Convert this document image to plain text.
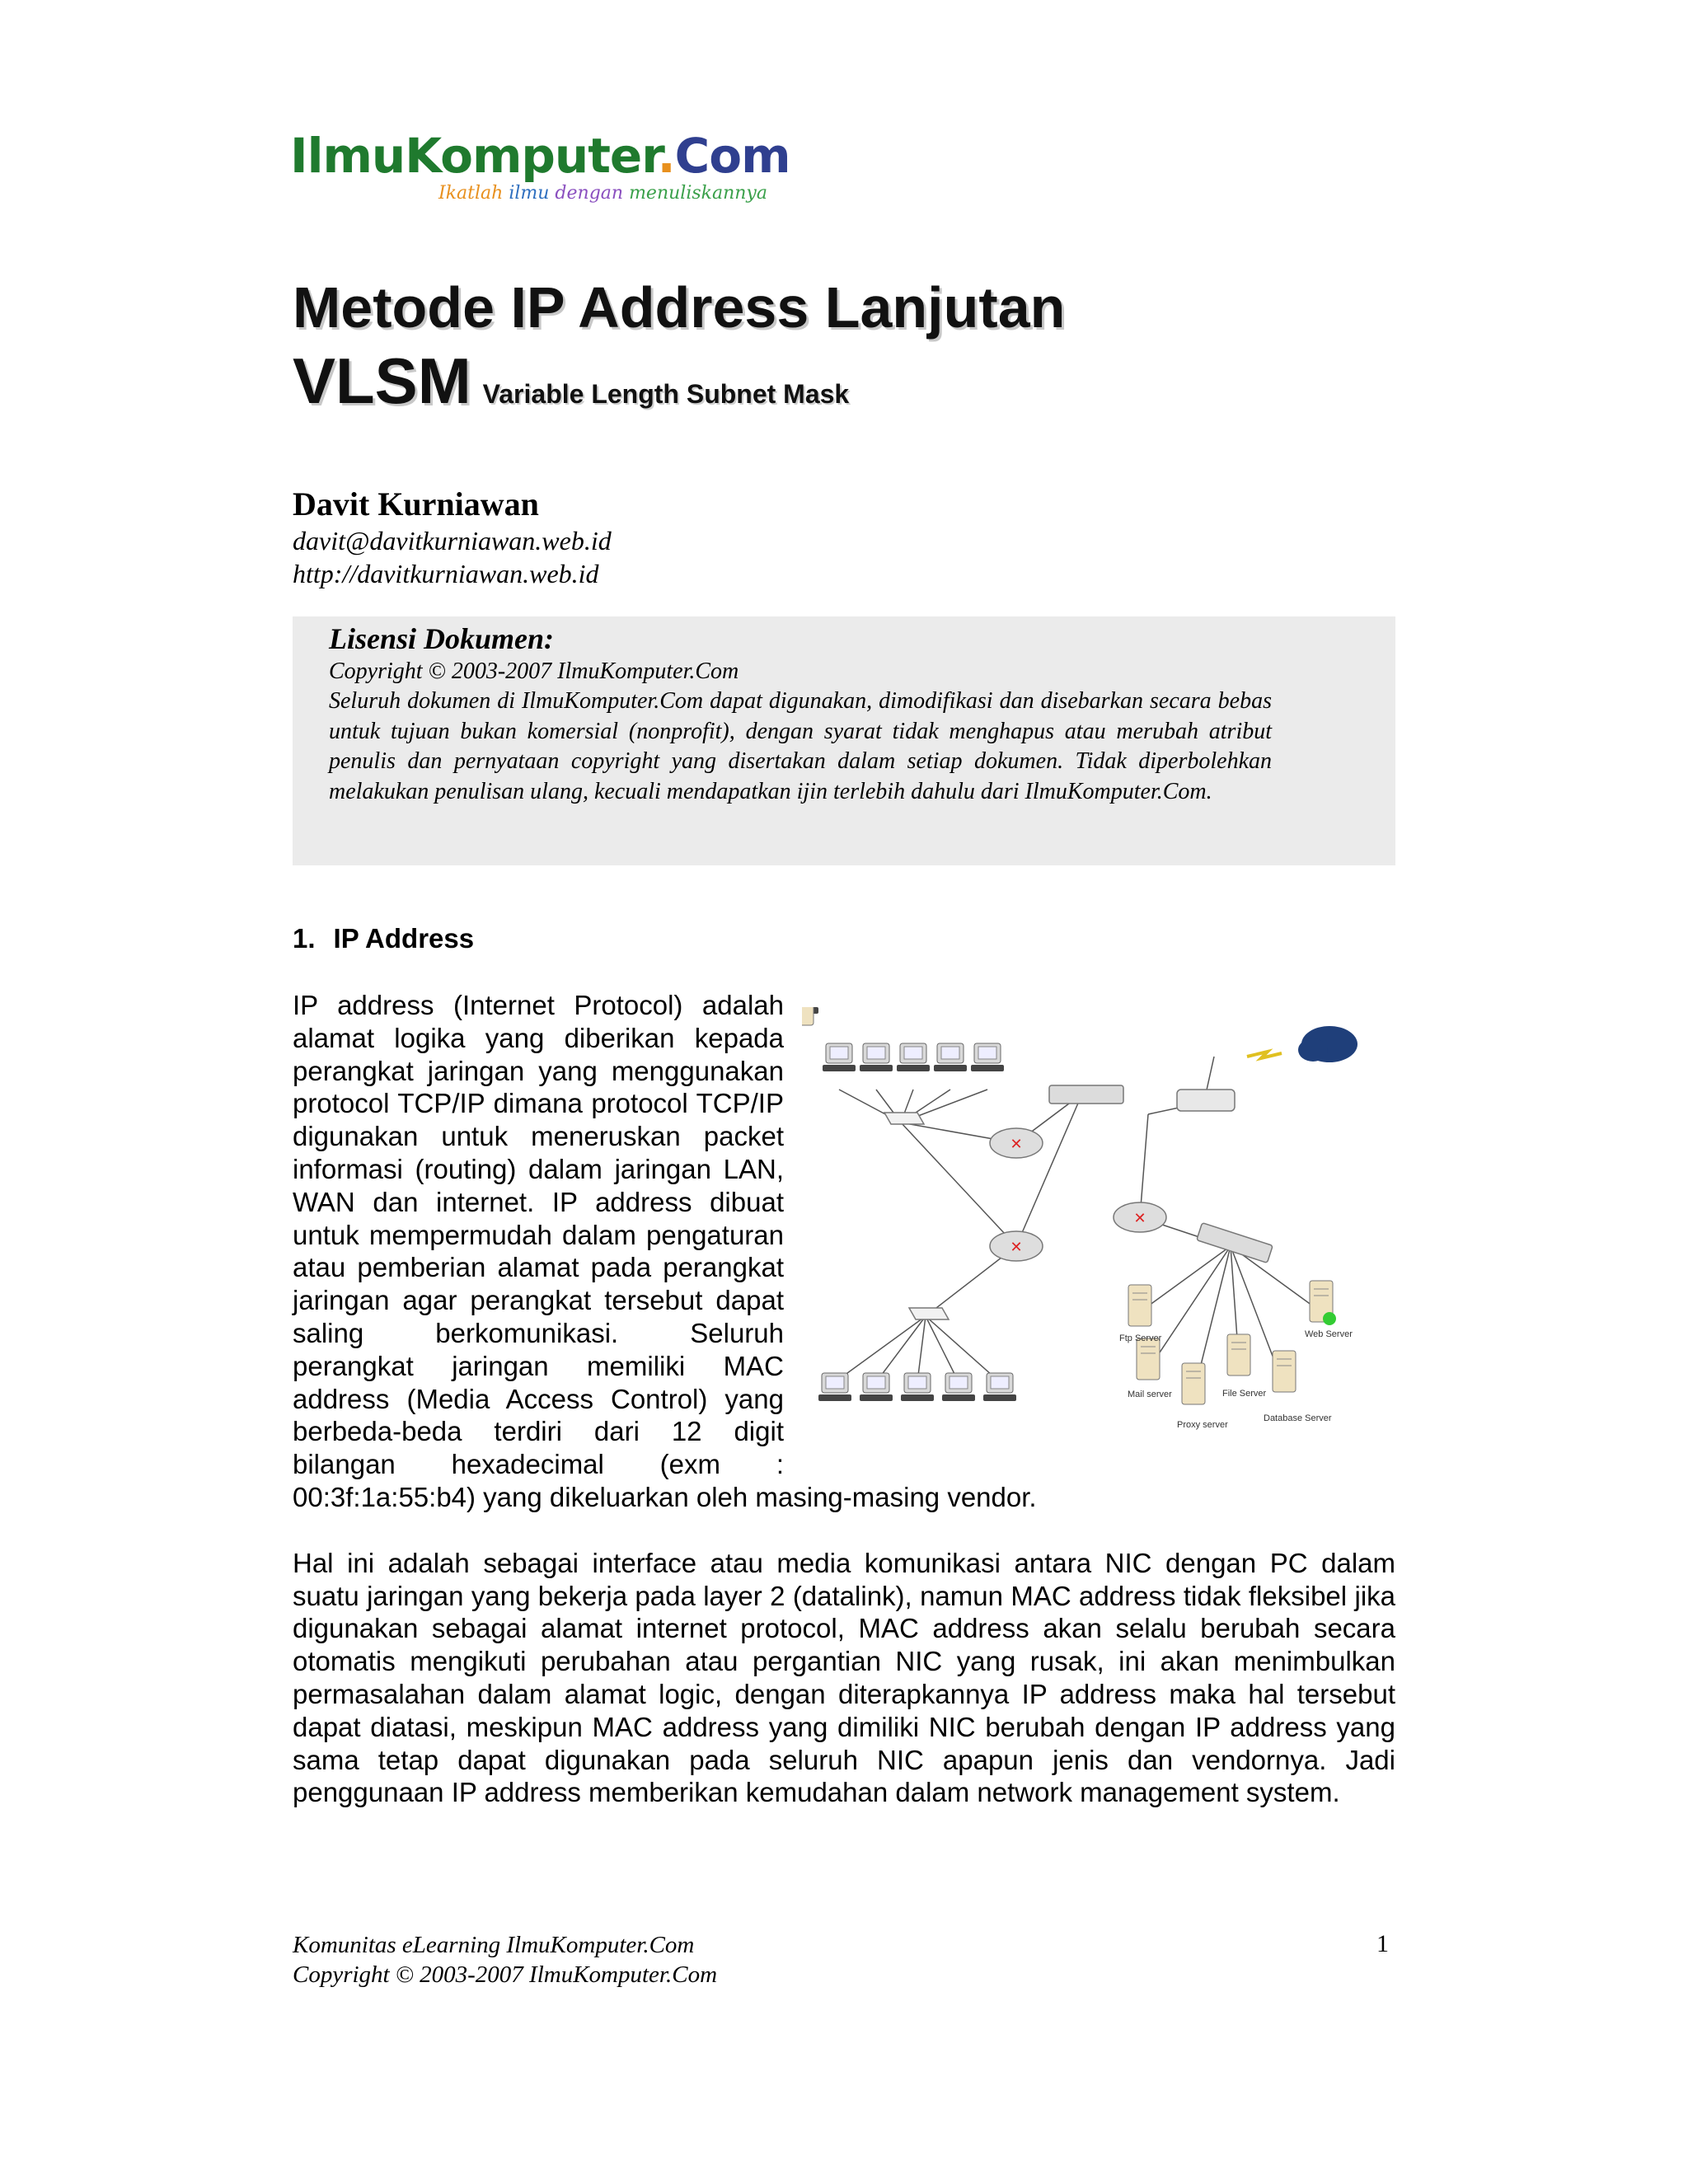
IlmuKomputer.Com
Ikatlah ilmu dengan menuliskannya
Metode IP Address Lanjutan
VLSM Variable Length Subnet Mask
Davit Kurniawan
davit@davitkurniawan.web.id
http://davitkurniawan.web.id
Lisensi Dokumen:
Copyright © 2003-2007 IlmuKomputer.Com
Seluruh dokumen di IlmuKomputer.Com dapat digunakan, dimodifikasi dan disebarkan secara bebas untuk tujuan bukan komersial (nonprofit), dengan syarat tidak menghapus atau merubah atribut penulis dan pernyataan copyright yang disertakan dalam setiap dokumen. Tidak diperbolehkan melakukan penulisan ulang, kecuali mendapatkan ijin terlebih dahulu dari IlmuKomputer.Com.
1. IP Address
✕
✕
✕
Ftp Server	Web Server
Mail server	File Server
Proxy server
Database Server

IP address (Internet Protocol) adalah alamat logika yang diberikan kepada perangkat jaringan yang menggunakan protocol TCP/IP dimana protocol TCP/IP digunakan untuk meneruskan packet informasi (routing) dalam jaringan LAN, WAN dan internet. IP address dibuat untuk mempermudah dalam pengaturan atau pemberian alamat pada perangkat jaringan agar perangkat tersebut dapat saling berkomunikasi. Seluruh perangkat jaringan memiliki MAC address (Media Access Control) yang berbeda-beda terdiri dari 12 digit bilangan hexadecimal (exm : 00:3f:1a:55:b4) yang dikeluarkan oleh masing-masing vendor.

Hal ini adalah sebagai interface atau media komunikasi antara NIC dengan PC dalam suatu jaringan yang bekerja pada layer 2 (datalink), namun MAC address tidak fleksibel jika digunakan sebagai alamat internet protocol, MAC address akan selalu berubah secara otomatis mengikuti perubahan atau pergantian NIC yang rusak, ini akan menimbulkan permasalahan dalam alamat logic, dengan diterapkannya IP address maka hal tersebut dapat diatasi, meskipun MAC address yang dimiliki NIC berubah dengan IP address yang sama tetap dapat digunakan pada seluruh NIC apapun jenis dan vendornya. Jadi penggunaan IP address memberikan kemudahan dalam network management system.

Komunitas eLearning IlmuKomputer.Com
Copyright © 2003-2007 IlmuKomputer.Com
1
